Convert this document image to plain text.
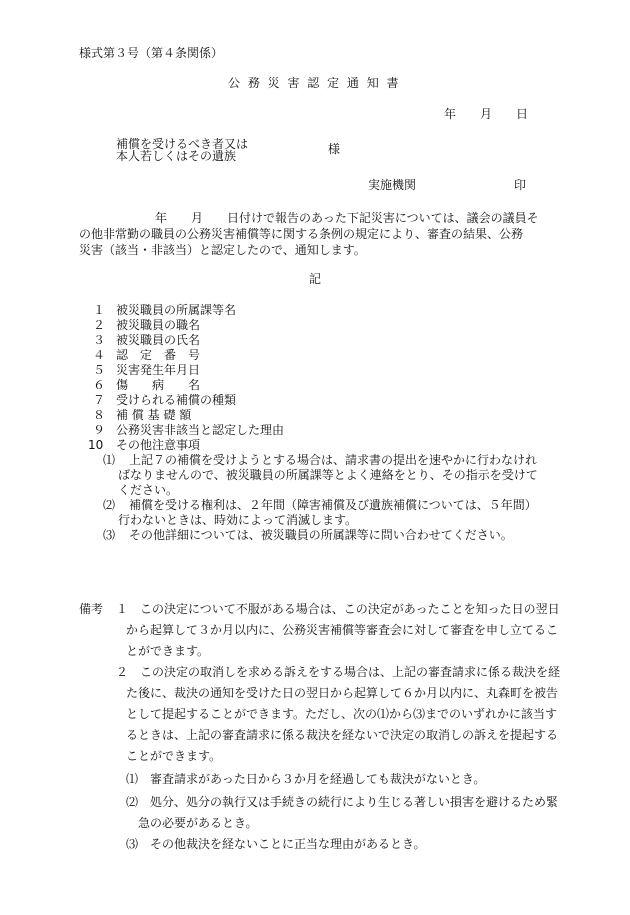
様式第３号（第４条関係）

公 務 災 害 認 定 通 知 書

年　　月　　日

補償を受けるべき者又は

本人若しくはその遺族	様

実施機関	印

年　　月　　日付けで報告のあった下記災害については、議会の議員そ

の他非常勤の職員の公務災害補償等に関する条例の規定により、審査の結果、公務

災害（該当・非該当）と認定したので、通知します。

記

１ 被災職員の所属課等名

２ 被災職員の職名

３ 被災職員の氏名

４ 認　定　番　号

５ 災害発生年月日

６ 傷　　病　　名

７ 受けられる補償の種類

８ 補 償 基 礎 額

９ 公務災害非該当と認定した理由

10 その他注意事項

⑴ 上記７の補償を受けようとする場合は、請求書の提出を速やかに行わなけれ

ばなりませんので、被災職員の所属課等とよく連絡をとり、その指示を受けて

ください。

⑵ 補償を受ける権利は、２年間（障害補償及び遺族補償については、５年間）

行わないときは、時効によって消滅します。

⑶ その他詳細については、被災職員の所属課等に問い合わせてください。

備考 １ この決定について不服がある場合は、この決定があったことを知った日の翌日

から起算して３か月以内に、公務災害補償等審査会に対して審査を申し立てるこ

とができます。

２ この決定の取消しを求める訴えをする場合は、上記の審査請求に係る裁決を経

た後に、裁決の通知を受けた日の翌日から起算して６か月以内に、丸森町を被告

として提起することができます。ただし、次の⑴から⑶までのいずれかに該当す

るときは、上記の審査請求に係る裁決を経ないで決定の取消しの訴えを提起する

ことができます。

⑴ 審査請求があった日から３か月を経過しても裁決がないとき。

⑵ 処分、処分の執行又は手続きの続行により生じる著しい損害を避けるため緊

急の必要があるとき。

⑶ その他裁決を経ないことに正当な理由があるとき。
